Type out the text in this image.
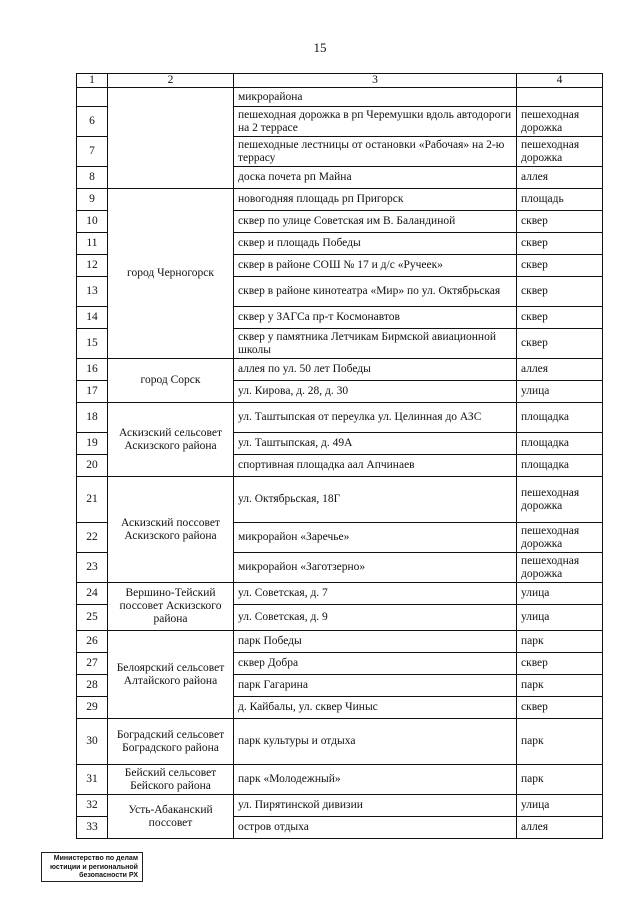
15
1	2	3	4
		микрорайона	
6		пешеходная дорожка в рп Черемушки вдоль автодороги на 2 террасе	пешеходная дорожка
7		пешеходные лестницы от остановки «Рабочая» на 2-ю террасу	пешеходная дорожка
8		доска почета рп Майна	аллея
9	город Черногорск	новогодняя площадь рп Пригорск	площадь
10		сквер по улице Советская им В. Баландиной	сквер
11		сквер и площадь Победы	сквер
12		сквер в районе СОШ № 17 и д/с «Ручеек»	сквер
13		сквер в районе кинотеатра «Мир» по ул. Октябрьская	сквер
14		сквер у ЗАГСа пр-т Космонавтов	сквер
15		сквер у памятника Летчикам Бирмской авиационной школы	сквер
16	город Сорск	аллея по ул. 50 лет Победы	аллея
17		ул. Кирова, д. 28, д. 30	улица
18	Аскизский сельсовет Аскизского района	ул. Таштыпская от переулка ул. Целинная до АЗС	площадка
19		ул. Таштыпская, д. 49А	площадка
20		спортивная площадка аал Апчинаев	площадка
21	Аскизский поссовет Аскизского района	ул. Октябрьская, 18Г	пешеходная дорожка
22		микрорайон «Заречье»	пешеходная дорожка
23		микрорайон «Заготзерно»	пешеходная дорожка
24	Вершино-Тейский поссовет Аскизского района	ул. Советская, д. 7	улица
25		ул. Советская, д. 9	улица
26	Белоярский сельсовет Алтайского района	парк Победы	парк
27		сквер Добра	сквер
28		парк Гагарина	парк
29		д. Кайбалы, ул. сквер Чиныс	сквер
30	Боградский сельсовет Боградского района	парк культуры и отдыха	парк
31	Бейский сельсовет Бейского района	парк «Молодежный»	парк
32	Усть-Абаканский поссовет	ул. Пирятинской дивизии	улица
33		остров отдыха	аллея
Министерство по делам
юстиции и региональной
безопасности РХ
